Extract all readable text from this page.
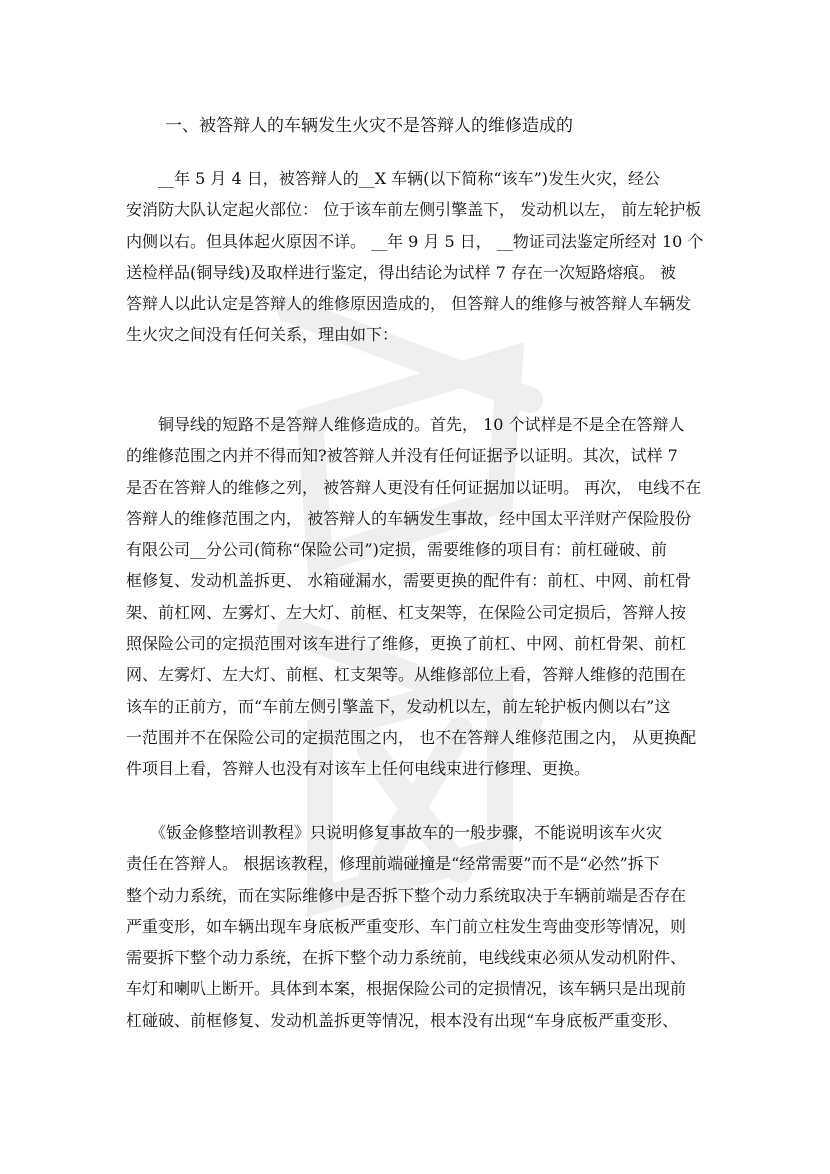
一、被答辩人的车辆发生火灾不是答辩人的维修造成的
　　__年 5 月 4 日，被答辩人的__X 车辆(以下简称“该车”)发生火灾，经公
安消防大队认定起火部位： 位于该车前左侧引擎盖下， 发动机以左， 前左轮护板
内侧以右。但具体起火原因不详。 __年 9 月 5 日， __物证司法鉴定所经对 10 个
送检样品(铜导线)及取样进行鉴定，得出结论为试样 7 存在一次短路熔痕。 被
答辩人以此认定是答辩人的维修原因造成的， 但答辩人的维修与被答辩人车辆发
生火灾之间没有任何关系，理由如下：
　　铜导线的短路不是答辩人维修造成的。首先， 10 个试样是不是全在答辩人
的维修范围之内并不得而知?被答辩人并没有任何证据予以证明。其次，试样 7
是否在答辩人的维修之列， 被答辩人更没有任何证据加以证明。 再次， 电线不在
答辩人的维修范围之内， 被答辩人的车辆发生事故，经中国太平洋财产保险股份
有限公司__分公司(简称“保险公司”)定损，需要维修的项目有：前杠碰破、前
框修复、发动机盖拆更、 水箱碰漏水，需要更换的配件有：前杠、中网、前杠骨
架、前杠网、左雾灯、左大灯、前框、杠支架等，在保险公司定损后，答辩人按
照保险公司的定损范围对该车进行了维修，更换了前杠、中网、前杠骨架、前杠
网、左雾灯、左大灯、前框、杠支架等。从维修部位上看，答辩人维修的范围在
该车的正前方，而“车前左侧引擎盖下，发动机以左，前左轮护板内侧以右”这
一范围并不在保险公司的定损范围之内， 也不在答辩人维修范围之内， 从更换配
件项目上看，答辩人也没有对该车上任何电线束进行修理、更换。
　　《钣金修整培训教程》只说明修复事故车的一般步骤，不能说明该车火灾
责任在答辩人。 根据该教程，修理前端碰撞是“经常需要”而不是“必然”拆下
整个动力系统，而在实际维修中是否拆下整个动力系统取决于车辆前端是否存在
严重变形，如车辆出现车身底板严重变形、车门前立柱发生弯曲变形等情况，则
需要拆下整个动力系统，在拆下整个动力系统前，电线线束必须从发动机附件、
车灯和喇叭上断开。具体到本案，根据保险公司的定损情况，该车辆只是出现前
杠碰破、前框修复、发动机盖拆更等情况，根本没有出现“车身底板严重变形、
